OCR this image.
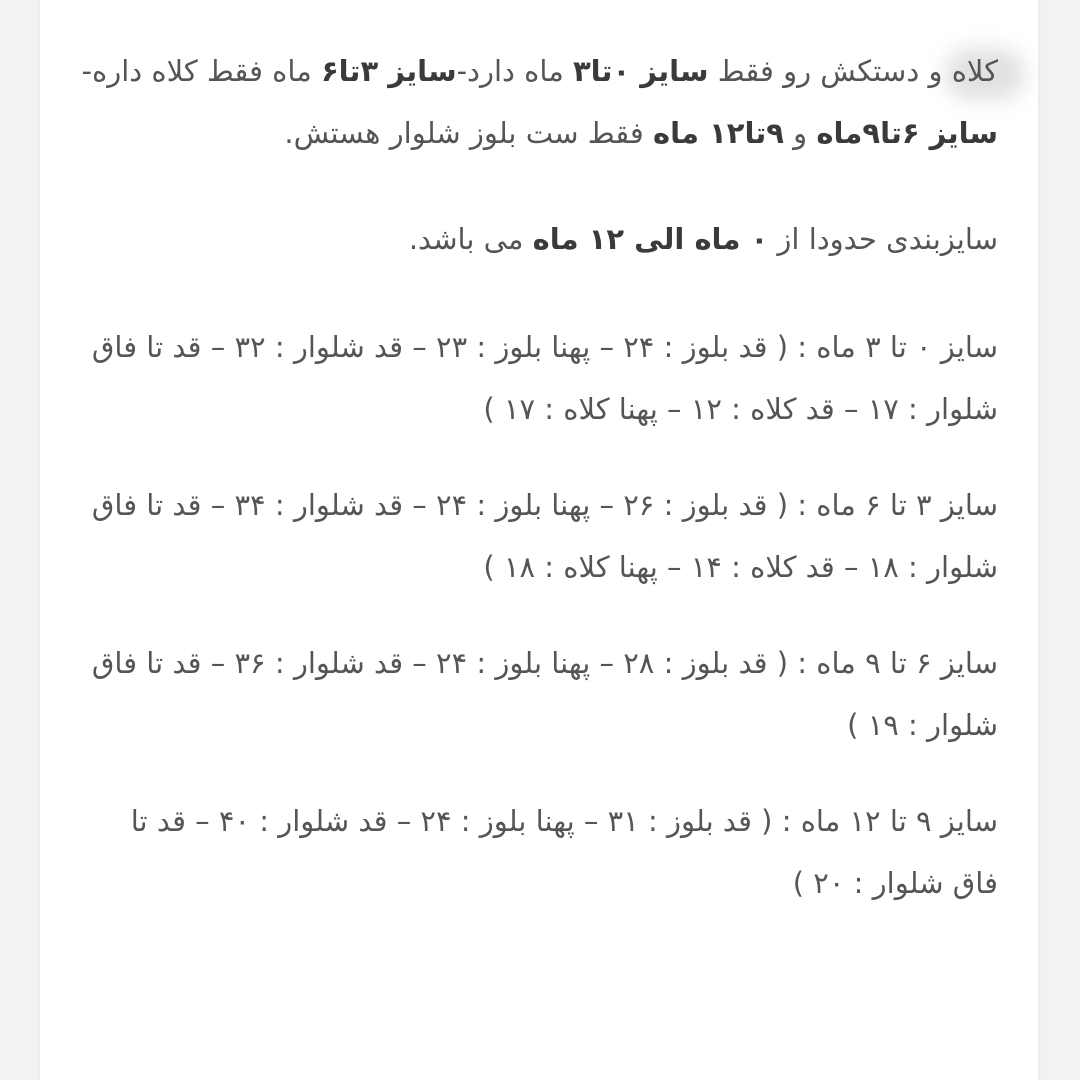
کلاه و دستکش رو فقط سایز ۰تا۳ ماه دارد-سایز ۳تا۶ ماه فقط کلاه داره-سایز ۶تا۹ماه و ۹تا۱۲ ماه فقط ست بلوز شلوار هستش.

سایزبندی حدودا از ۰ ماه الی ۱۲ ماه می باشد.

سایز ۰ تا ۳ ماه : ( قد بلوز : ۲۴ – پهنا بلوز : ۲۳ – قد شلوار : ۳۲ – قد تا فاق شلوار : ۱۷ – قد کلاه : ۱۲ – پهنا کلاه : ۱۷ )

سایز ۳ تا ۶ ماه : ( قد بلوز : ۲۶ – پهنا بلوز : ۲۴ – قد شلوار : ۳۴ – قد تا فاق شلوار : ۱۸ – قد کلاه : ۱۴ – پهنا کلاه : ۱۸ )

سایز ۶ تا ۹ ماه : ( قد بلوز : ۲۸ – پهنا بلوز : ۲۴ – قد شلوار : ۳۶ – قد تا فاق شلوار : ۱۹ )

سایز ۹ تا ۱۲ ماه : ( قد بلوز : ۳۱ – پهنا بلوز : ۲۴ – قد شلوار : ۴۰ – قد تا فاق شلوار : ۲۰ )
